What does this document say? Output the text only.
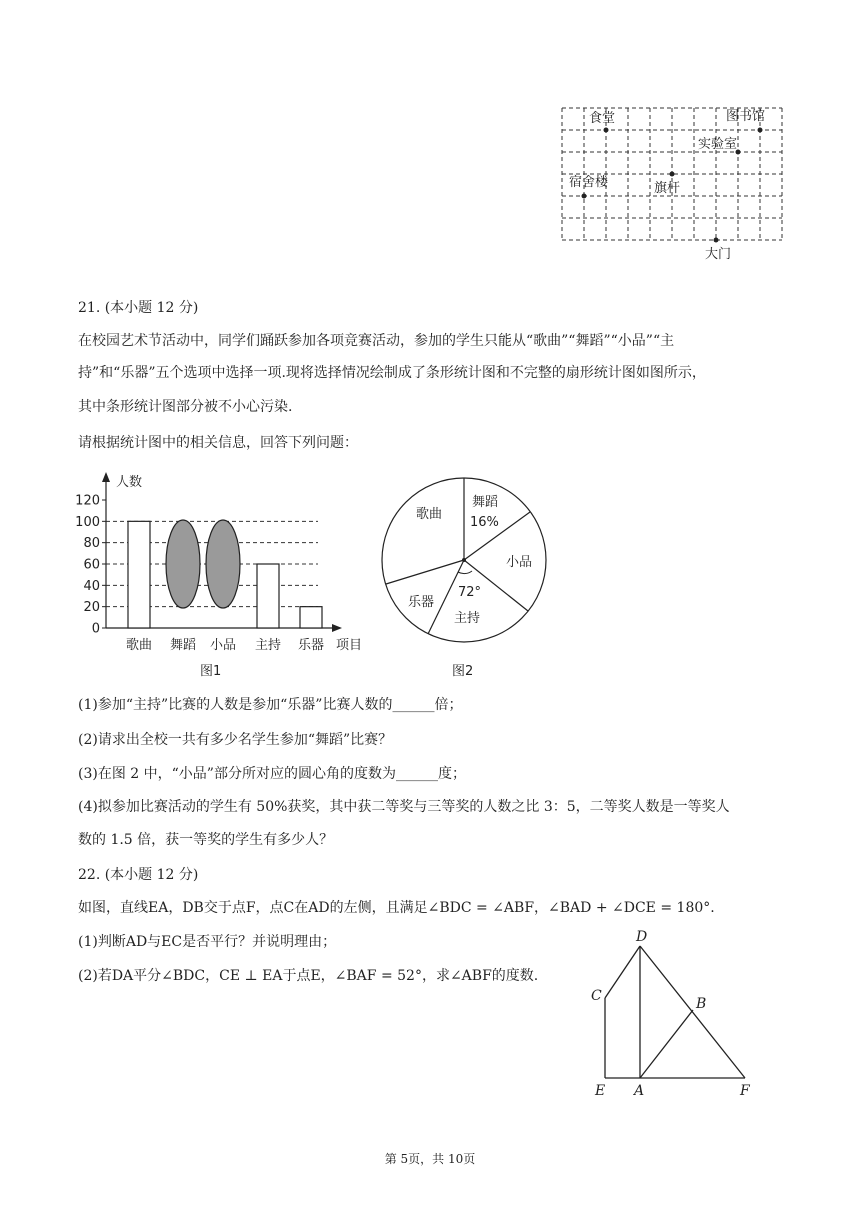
食堂	图书馆
实验室
宿舍楼	旗杆
大门
21. (本小题 12 分)
在校园艺术节活动中，同学们踊跃参加各项竞赛活动，参加的学生只能从“歌曲”“舞蹈”“小品”“主
持”和“乐器”五个选项中选择一项.现将选择情况绘制成了条形统计图和不完整的扇形统计图如图所示，
其中条形统计图部分被不小心污染.
请根据统计图中的相关信息，回答下列问题：
0
20
40
60
80
100
120
歌曲 舞蹈 小品 主持 乐器
人数
项目
图1
歌曲
舞蹈
16%
小品
72°
主持
乐器
图2
(1)参加“主持”比赛的人数是参加“乐器”比赛人数的______倍；
(2)请求出全校一共有多少名学生参加“舞蹈”比赛？
(3)在图 2 中，“小品”部分所对应的圆心角的度数为______度；
(4)拟参加比赛活动的学生有 50%获奖，其中获二等奖与三等奖的人数之比 3：5，二等奖人数是一等奖人
数的 1.5 倍，获一等奖的学生有多少人？
22. (本小题 12 分)
如图，直线EA，DB交于点F，点C在AD的左侧，且满足∠BDC = ∠ABF，∠BAD + ∠DCE = 180°.
(1)判断AD与EC是否平行？并说明理由；
(2)若DA平分∠BDC，CE ⊥ EA于点E，∠BAF = 52°，求∠ABF的度数.
D
C	B
E A	F
第 5页，共 10页
